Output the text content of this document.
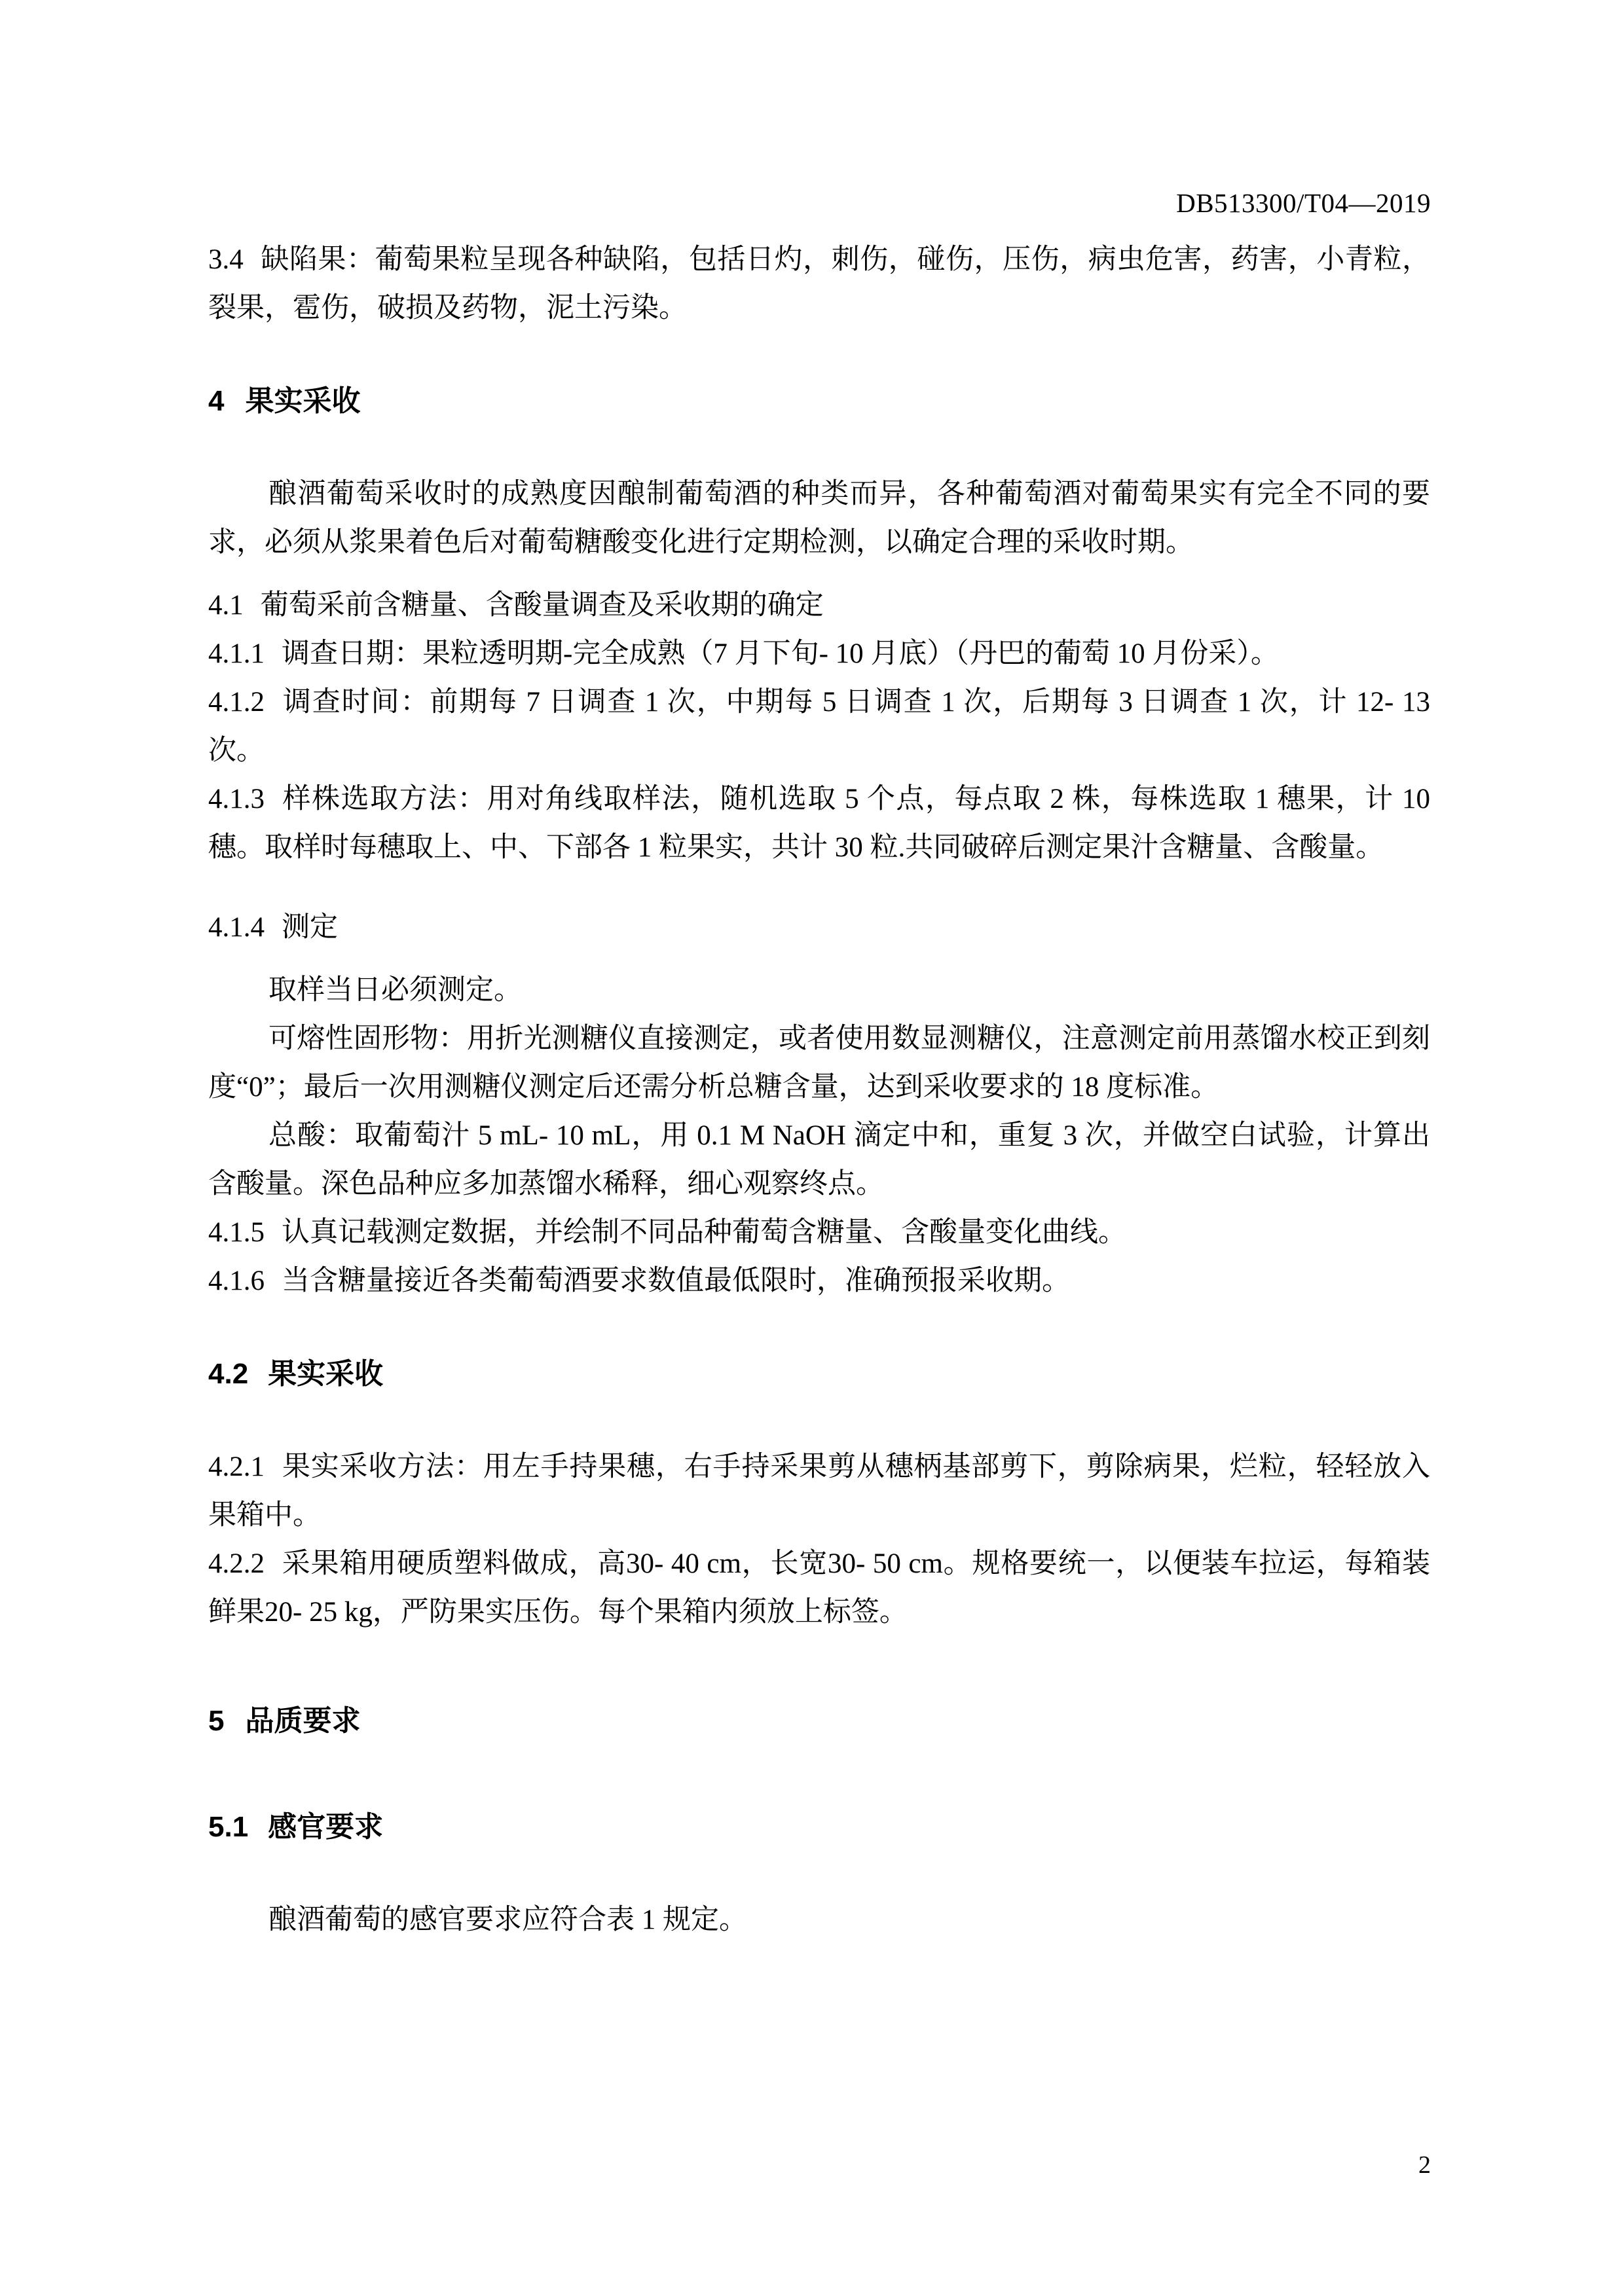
DB513300/T04—2019

3.4 缺陷果：葡萄果粒呈现各种缺陷，包括日灼，刺伤，碰伤，压伤，病虫危害，药害，小青粒，裂果，雹伤，破损及药物，泥土污染。

4 果实采收

酿酒葡萄采收时的成熟度因酿制葡萄酒的种类而异，各种葡萄酒对葡萄果实有完全不同的要求，必须从浆果着色后对葡萄糖酸变化进行定期检测，以确定合理的采收时期。

4.1 葡萄采前含糖量、含酸量调查及采收期的确定

4.1.1 调查日期：果粒透明期-完全成熟（7 月下旬- 10 月底）（丹巴的葡萄 10 月份采）。

4.1.2 调查时间：前期每 7 日调查 1 次，中期每 5 日调查 1 次，后期每 3 日调查 1 次，计 12- 13 次。

4.1.3 样株选取方法：用对角线取样法，随机选取 5 个点，每点取 2 株，每株选取 1 穗果，计 10 穗。取样时每穗取上、中、下部各 1 粒果实，共计 30 粒.共同破碎后测定果汁含糖量、含酸量。

4.1.4 测定

取样当日必须测定。

可熔性固形物：用折光测糖仪直接测定，或者使用数显测糖仪，注意测定前用蒸馏水校正到刻度“0”；最后一次用测糖仪测定后还需分析总糖含量，达到采收要求的 18 度标准。

总酸：取葡萄汁 5 mL- 10 mL，用 0.1 M NaOH 滴定中和，重复 3 次，并做空白试验，计算出含酸量。深色品种应多加蒸馏水稀释，细心观察终点。

4.1.5 认真记载测定数据，并绘制不同品种葡萄含糖量、含酸量变化曲线。

4.1.6 当含糖量接近各类葡萄酒要求数值最低限时，准确预报采收期。

4.2 果实采收

4.2.1 果实采收方法：用左手持果穗，右手持采果剪从穗柄基部剪下，剪除病果，烂粒，轻轻放入果箱中。

4.2.2 采果箱用硬质塑料做成，高30- 40 cm，长宽30- 50 cm。规格要统一，以便装车拉运，每箱装鲜果20- 25 kg，严防果实压伤。每个果箱内须放上标签。

5 品质要求

5.1 感官要求

酿酒葡萄的感官要求应符合表 1 规定。

2
